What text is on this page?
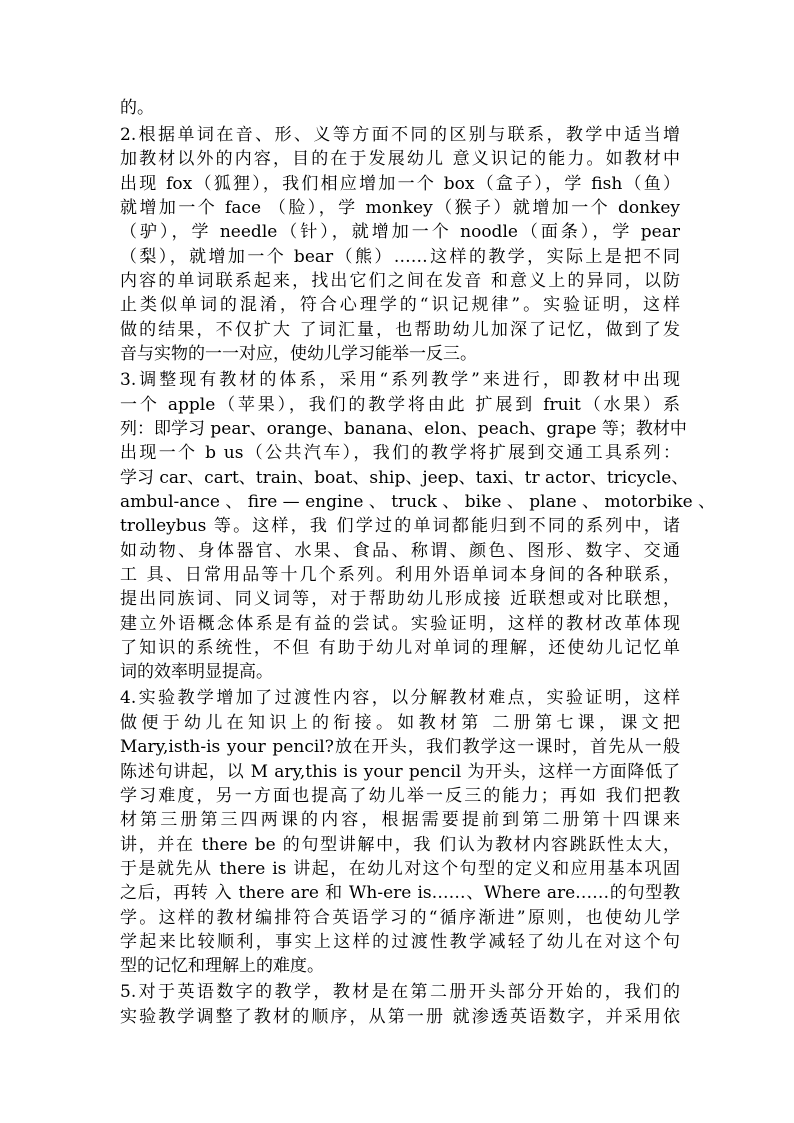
的。
2.根据单词在音、形、义等方面不同的区别与联系，教学中适当增
加教材以外的内容，目的在于发展幼儿 意义识记的能力。如教材中
出现 fox（狐狸），我们相应增加一个 box（盒子），学 fish（鱼）
就增加一个 face （脸），学 monkey（猴子）就增加一个 donkey
（驴），学 needle（针），就增加一个 noodle（面条），学 pear
（梨），就增加一个 bear（熊）……这样的教学，实际上是把不同
内容的单词联系起来，找出它们之间在发音 和意义上的异同，以防
止类似单词的混淆，符合心理学的“识记规律”。实验证明，这样
做的结果，不仅扩大 了词汇量，也帮助幼儿加深了记忆，做到了发
音与实物的一一对应，使幼儿学习能举一反三。
3.调整现有教材的体系，采用“系列教学”来进行，即教材中出现
一个 apple（苹果），我们的教学将由此 扩展到 fruit（水果）系
列：即学习 pear、orange、banana、elon、peach、grape 等；教材中
出现一个 b us（公共汽车），我们的教学将扩展到交通工具系列：
学习 car、cart、train、boat、ship、jeep、taxi、tr actor、tricycle、
ambul-ance 、 fire — engine 、 truck 、 bike 、 plane 、 motorbike 、
trolleybus 等。这样，我 们学过的单词都能归到不同的系列中，诸
如动物、身体器官、水果、食品、称谓、颜色、图形、数字、交通
工 具、日常用品等十几个系列。利用外语单词本身间的各种联系，
提出同族词、同义词等，对于帮助幼儿形成接 近联想或对比联想，
建立外语概念体系是有益的尝试。实验证明，这样的教材改革体现
了知识的系统性，不但 有助于幼儿对单词的理解，还使幼儿记忆单
词的效率明显提高。
4.实验教学增加了过渡性内容，以分解教材难点，实验证明，这样
做便于幼儿在知识上的衔接。如教材第 二册第七课，课文把
Mary,isth-is your pencil?放在开头，我们教学这一课时，首先从一般
陈述句讲起，以 M ary,this is your pencil 为开头，这样一方面降低了
学习难度，另一方面也提高了幼儿举一反三的能力；再如 我们把教
材第三册第三四两课的内容，根据需要提前到第二册第十四课来
讲，并在 there be 的句型讲解中，我 们认为教材内容跳跃性太大，
于是就先从 there is 讲起，在幼儿对这个句型的定义和应用基本巩固
之后，再转 入 there are 和 Wh-ere is……、Where are……的句型教
学。这样的教材编排符合英语学习的“循序渐进”原则，也使幼儿学
学起来比较顺利，事实上这样的过渡性教学减轻了幼儿在对这个句
型的记忆和理解上的难度。
5.对于英语数字的教学，教材是在第二册开头部分开始的，我们的
实验教学调整了教材的顺序，从第一册 就渗透英语数字，并采用依
